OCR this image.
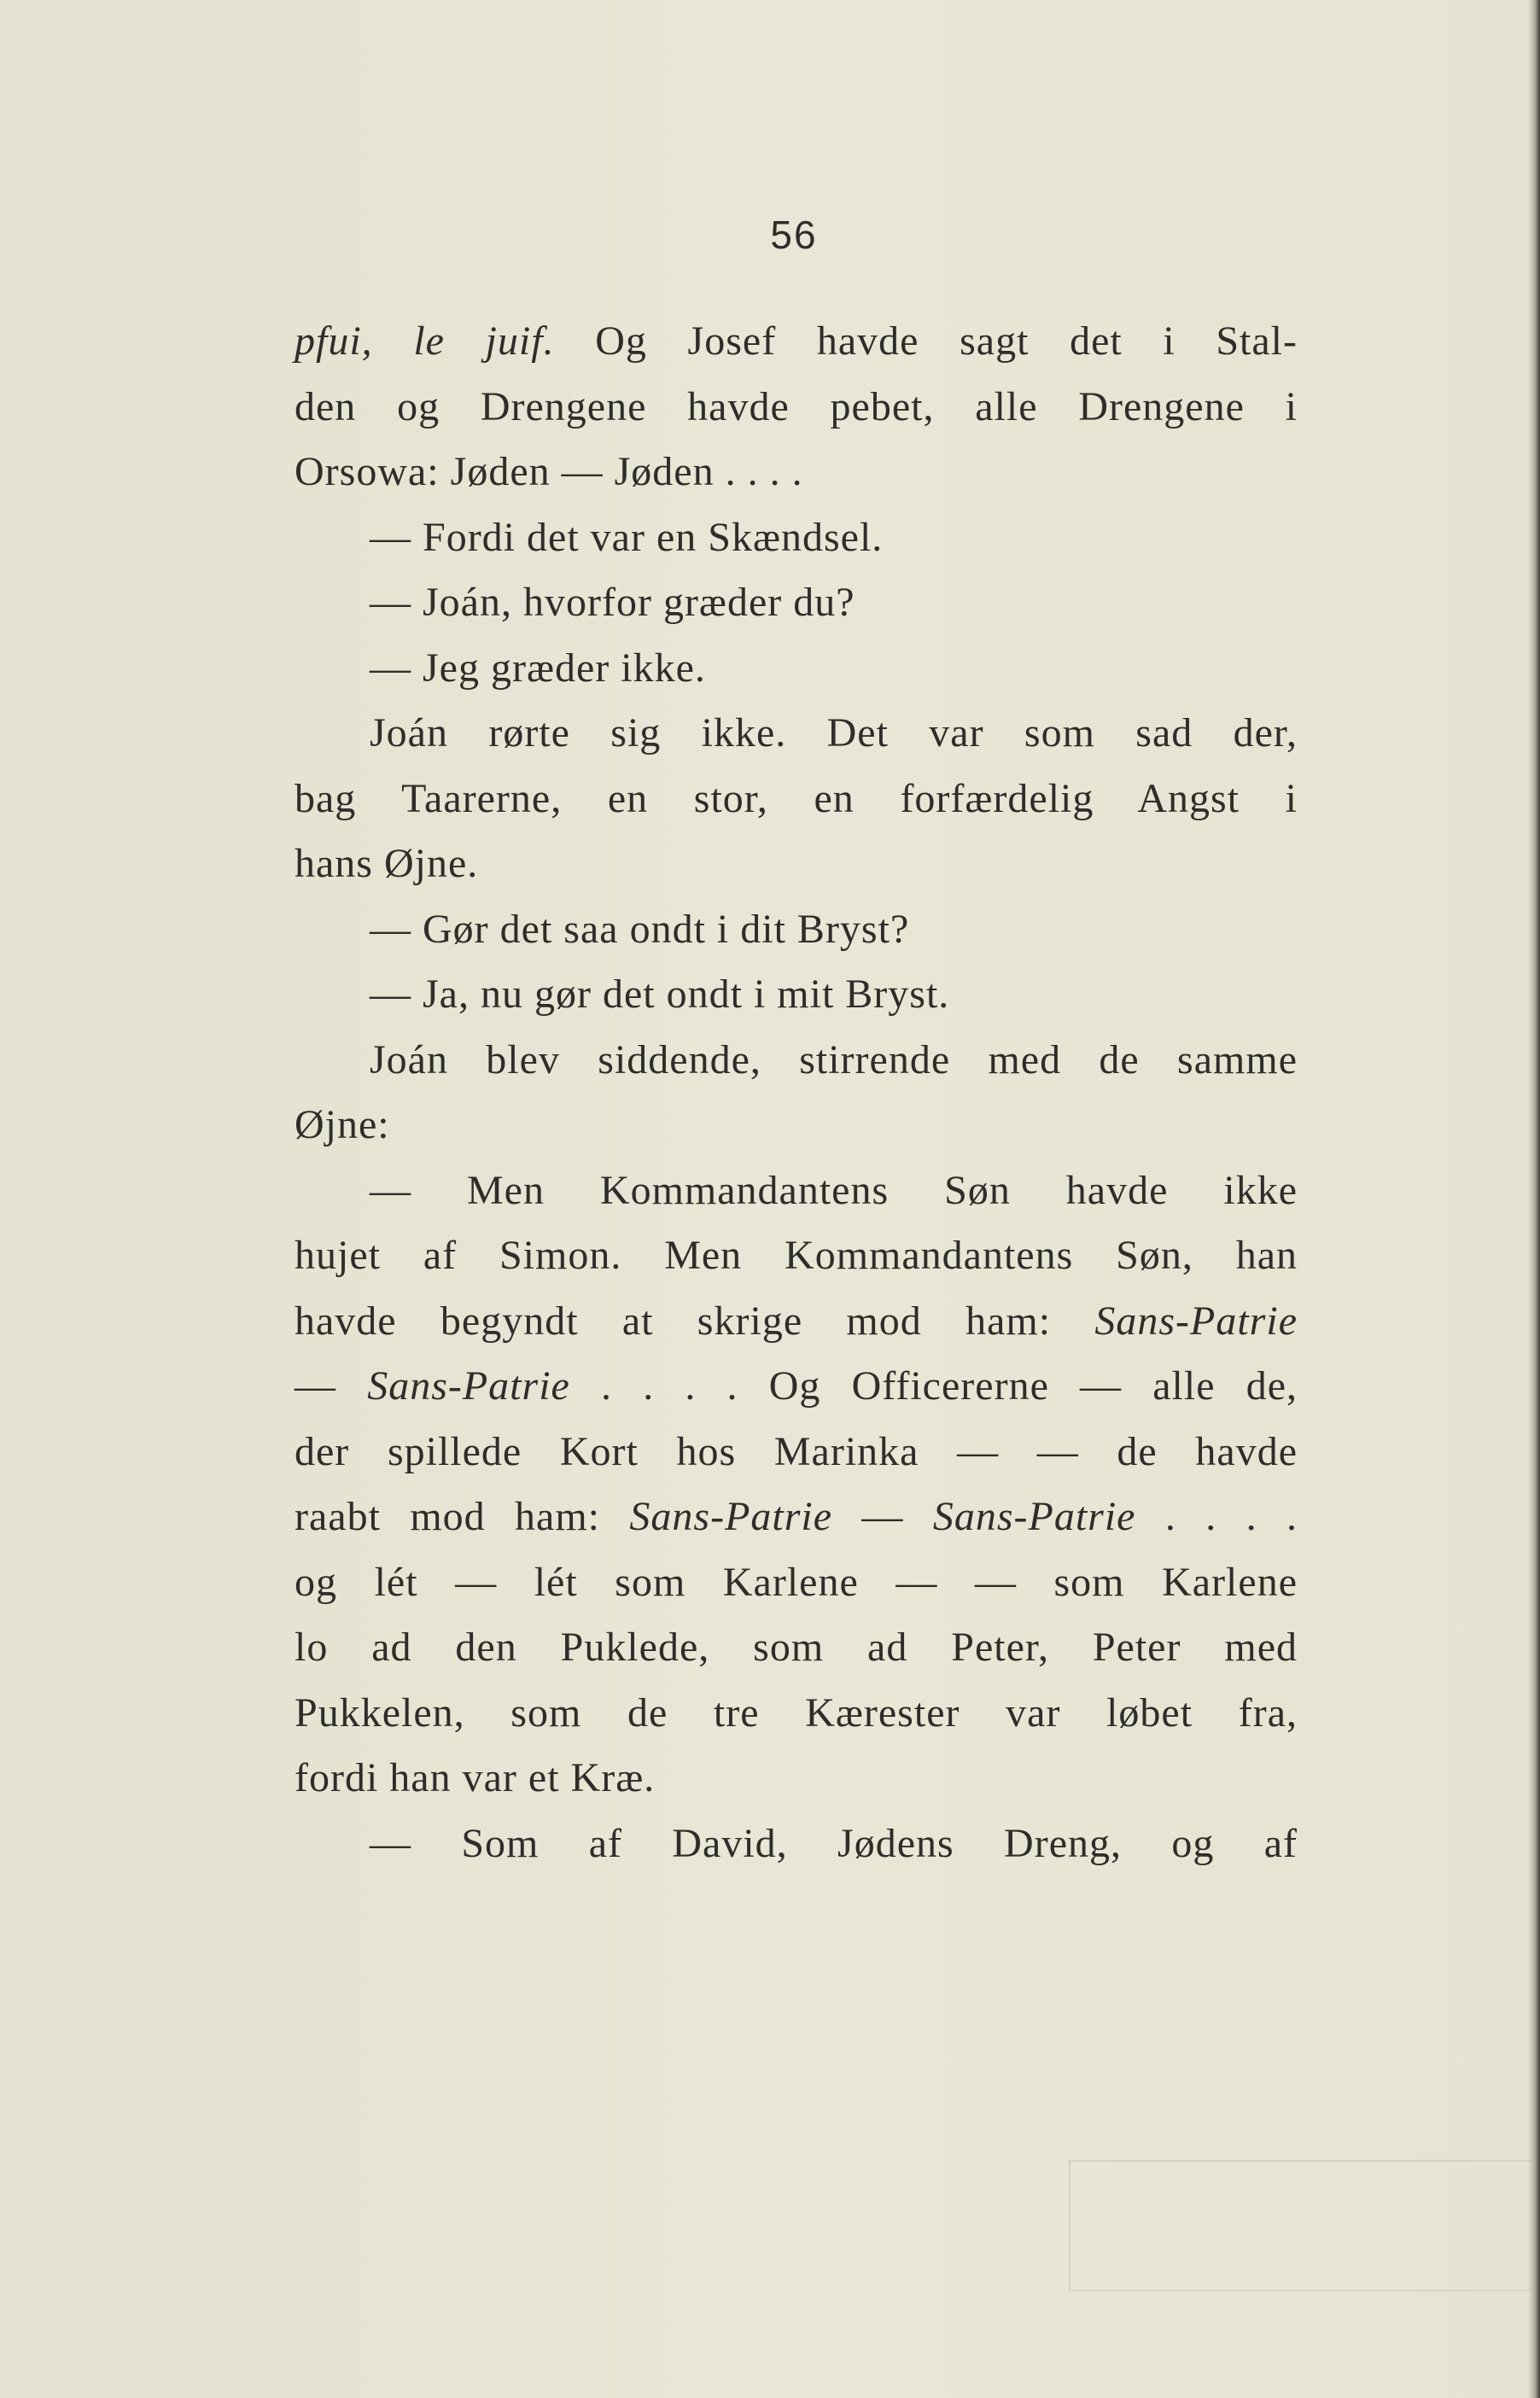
56
pfui, le juif. Og Josef havde sagt det i Stal-
den og Drengene havde pebet, alle Drengene i
Orsowa: Jøden — Jøden . . . .
— Fordi det var en Skændsel.
— Joán, hvorfor græder du?
— Jeg græder ikke.
Joán rørte sig ikke. Det var som sad der,
bag Taarerne, en stor, en forfærdelig Angst i
hans Øjne.
— Gør det saa ondt i dit Bryst?
— Ja, nu gør det ondt i mit Bryst.
Joán blev siddende, stirrende med de samme
Øjne:
— Men Kommandantens Søn havde ikke
hujet af Simon. Men Kommandantens Søn, han
havde begyndt at skrige mod ham: Sans-Patrie
— Sans-Patrie . . . . Og Officererne — alle de,
der spillede Kort hos Marinka — — de havde
raabt mod ham: Sans-Patrie — Sans-Patrie . . . .
og lét — lét som Karlene — — som Karlene
lo ad den Puklede, som ad Peter, Peter med
Pukkelen, som de tre Kærester var løbet fra,
fordi han var et Kræ.
— Som af David, Jødens Dreng, og af
